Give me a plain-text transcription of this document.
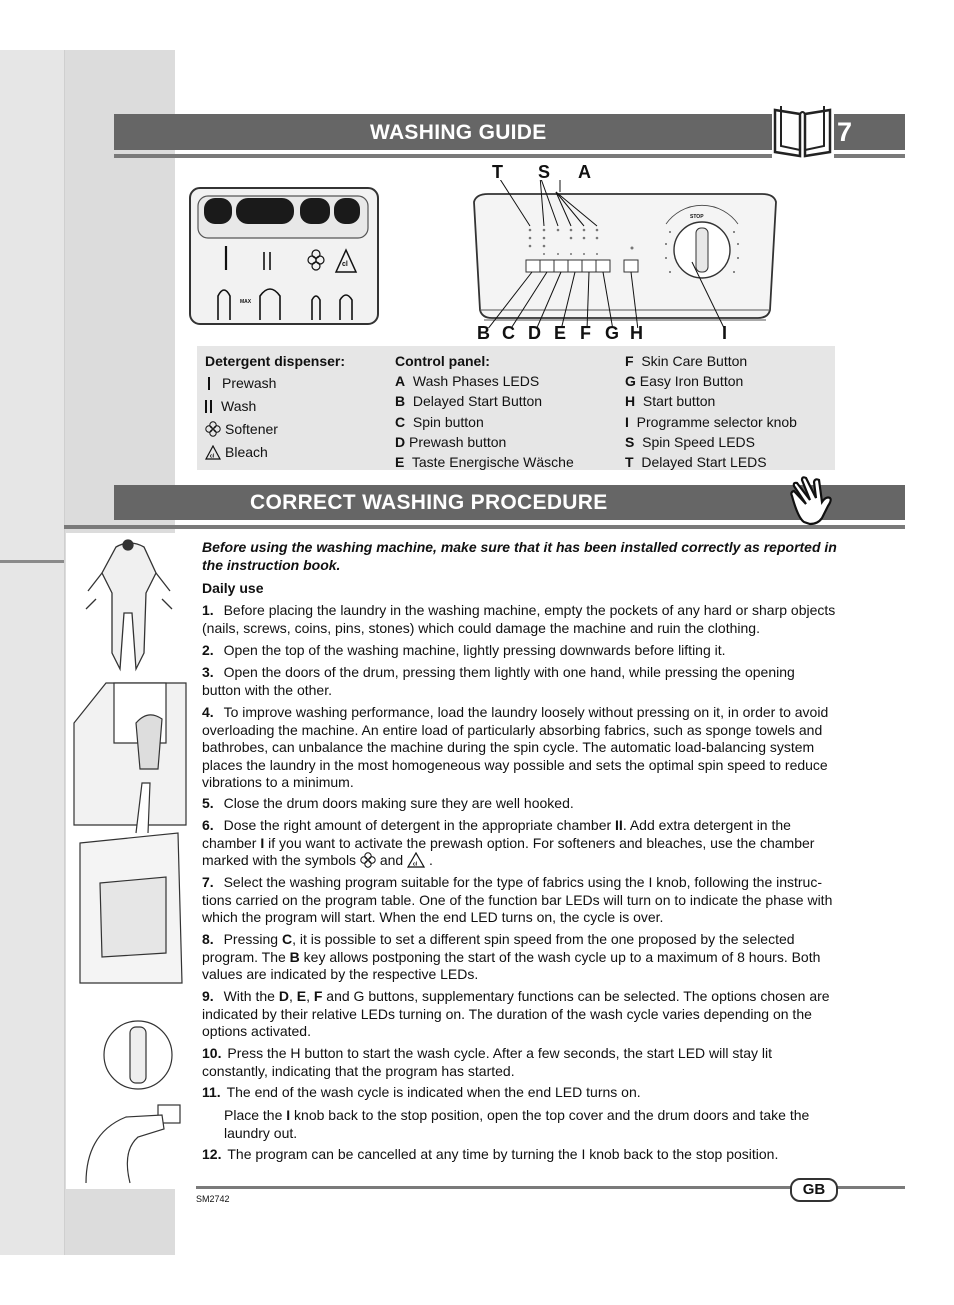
WASHING GUIDE	7
MAX
cl
T S A
STOP
B C D E F G H	I
Detergent dispenser:
Prewash
Wash
Softener
cl Bleach
Control panel:
A Wash Phases LEDS
B Delayed Start Button
C Spin button
D Prewash button
E Taste Energische Wäsche
F Skin Care Button
G Easy Iron Button
H Start button
I Programme selector knob
S Spin Speed LEDS
T Delayed Start LEDS
CORRECT WASHING PROCEDURE
Before using the washing machine, make sure that it has been installed correctly as reported in the instruction book.
Daily use
1. Before placing the laundry in the washing machine, empty the pockets of any hard or sharp objects (nails, screws, coins, pins, stones) which could damage the machine and ruin the clothing.
2. Open the top of the washing machine, lightly pressing downwards before lifting it.
3. Open the doors of the drum, pressing them lightly with one hand, while pressing the opening button with the other.
4. To improve washing performance, load the laundry loosely without pressing on it, in order to avoid overloading the machine. An entire load of particularly absorbing fabrics, such as sponge towels and bathrobes, can unbalance the machine during the spin cycle. The automatic load-balancing system places the laundry in the most homogeneous way possible and sets the optimal spin speed to reduce vibrations to a minimum.
5. Close the drum doors making sure they are well hooked.
6. Dose the right amount of detergent in the appropriate chamber II. Add extra detergent in the chamber I if you want to activate the prewash option. For softeners and bleaches, use the chamber marked with the symbols  and cl .
7. Select the washing program suitable for the type of fabrics using the I knob, following the instruc-tions carried on the program table. One of the function bar LEDs will turn on to indicate the phase with which the program will start. When the end LED turns on, the cycle is over.
8. Pressing C, it is possible to set a different spin speed from the one proposed by the selected program. The B key allows postponing the start of the wash cycle up to a maximum of 8 hours. Both values are indicated by the respective LEDs.
9. With the D, E, F and G buttons, supplementary functions can be selected. The options chosen are indicated by their relative LEDs turning on. The duration of the wash cycle varies depending on the options activated.
10. Press the H button to start the wash cycle. After a few seconds, the start LED will stay lit constantly, indicating that the program has started.
11. The end of the wash cycle is indicated when the end LED turns on.
Place the I knob back to the stop position, open the top cover and the drum doors and take the laundry out.
12. The program can be cancelled at any time by turning the I knob back to the stop position.
GB
SM2742
